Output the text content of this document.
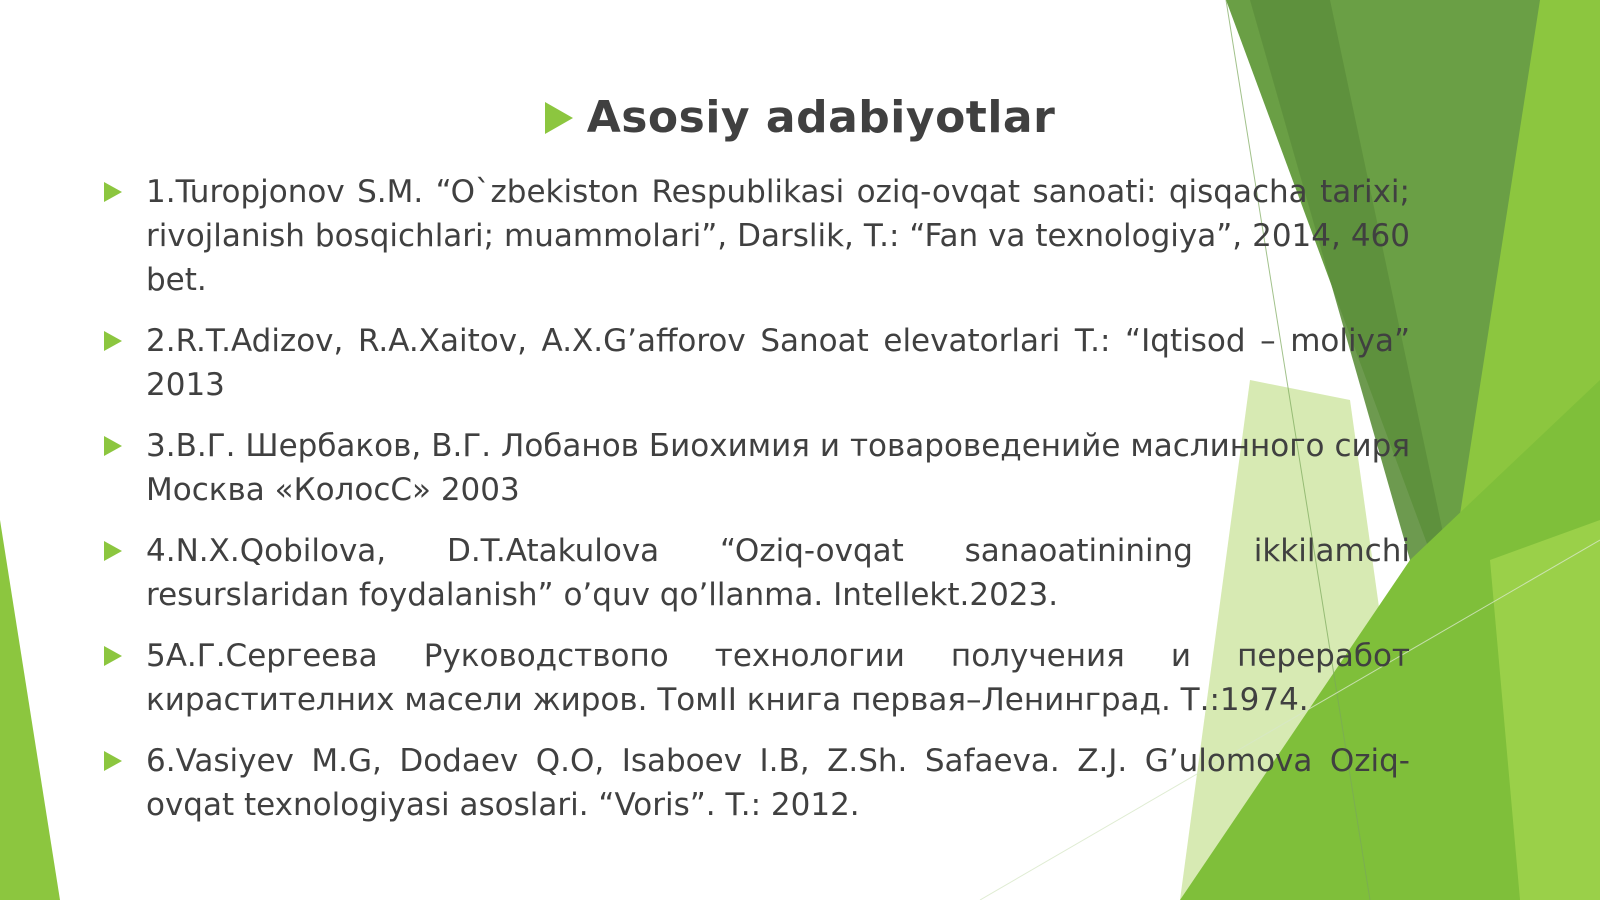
Asosiy adabiyotlar
1.Turopjonov S.M. “O`zbekiston Respublikasi oziq-ovqat sanoati: qisqacha tarixi; rivojlanish bosqichlari; muammolari”, Darslik, T.: “Fan va texnologiya”, 2014, 460 bet.
2.R.T.Adizov, R.A.Xaitov, A.X.G’afforov Sanoat elevatorlari T.: “Iqtisod – moliya” 2013
3.В.Г. Шербаков, В.Г. Лобанов Биохимия и товароведенийе маслинного сиря Москва «КолосС» 2003
4.N.X.Qobilova, D.T.Atakulova “Oziq-ovqat sanaoatinining ikkilamchi resurslaridan foydalanish” o’quv qo’llanma. Intellekt.2023.
5А.Г.Сергеева Руководствопо технологии получения и переработ кирастителних масели жиров. ТомII книга первая–Ленинград. Т.:1974.
6.Vasiyev M.G, Dodaev Q.O, Isaboev I.B, Z.Sh. Safaeva. Z.J. G’ulomova Oziq-ovqat texnologiyasi asoslari. “Voris”. T.: 2012.
